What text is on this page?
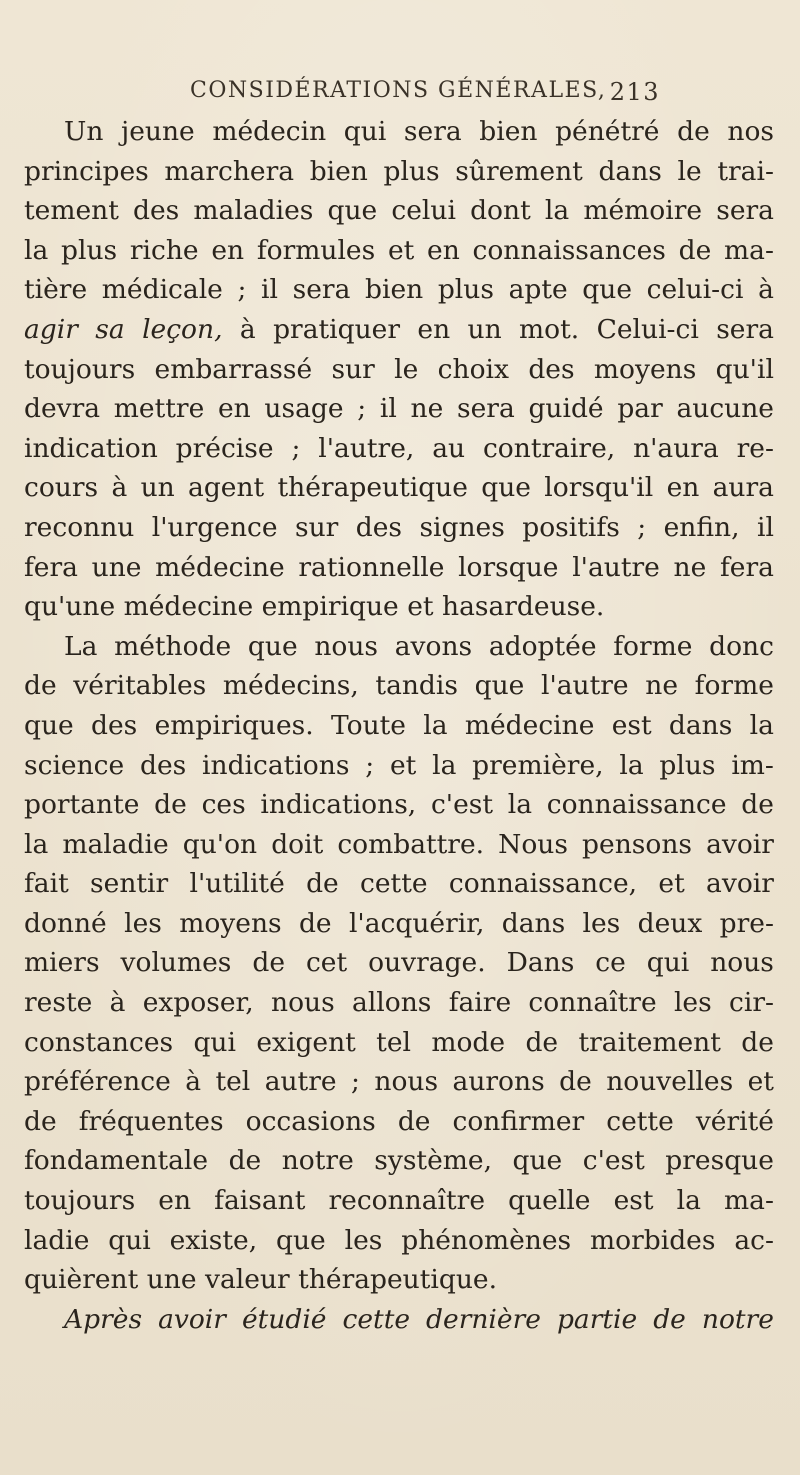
CONSIDÉRATIONS GÉNÉRALES, 213
Un jeune médecin qui sera bien pénétré de nos
principes marchera bien plus sûrement dans le trai-
tement des maladies que celui dont la mémoire sera
la plus riche en formules et en connaissances de ma-
tière médicale ; il sera bien plus apte que celui-ci à
agir sa leçon, à pratiquer en un mot. Celui-ci sera
toujours embarrassé sur le choix des moyens qu'il
devra mettre en usage ; il ne sera guidé par aucune
indication précise ; l'autre, au contraire, n'aura re-
cours à un agent thérapeutique que lorsqu'il en aura
reconnu l'urgence sur des signes positifs ; enfin, il
fera une médecine rationnelle lorsque l'autre ne fera
qu'une médecine empirique et hasardeuse.
La méthode que nous avons adoptée forme donc
de véritables médecins, tandis que l'autre ne forme
que des empiriques. Toute la médecine est dans la
science des indications ; et la première, la plus im-
portante de ces indications, c'est la connaissance de
la maladie qu'on doit combattre. Nous pensons avoir
fait sentir l'utilité de cette connaissance, et avoir
donné les moyens de l'acquérir, dans les deux pre-
miers volumes de cet ouvrage. Dans ce qui nous
reste à exposer, nous allons faire connaître les cir-
constances qui exigent tel mode de traitement de
préférence à tel autre ; nous aurons de nouvelles et
de fréquentes occasions de confirmer cette vérité
fondamentale de notre système, que c'est presque
toujours en faisant reconnaître quelle est la ma-
ladie qui existe, que les phénomènes morbides ac-
quièrent une valeur thérapeutique.
Après avoir étudié cette dernière partie de notre
